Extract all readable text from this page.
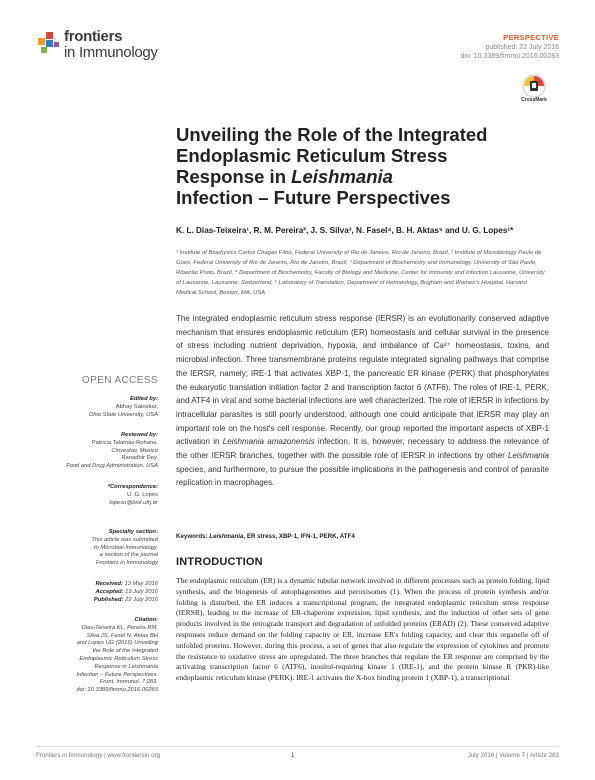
frontiers
in Immunology
PERSPECTIVE
published: 22 July 2016
doi: 10.3389/fimmu.2016.00283
CrossMark
Unveiling the Role of the Integrated
Endoplasmic Reticulum Stress
Response in Leishmania
Infection – Future Perspectives
K. L. Dias-Teixeira¹, R. M. Pereira², J. S. Silva³, N. Fasel⁴, B. H. Aktas⁵ and U. G. Lopes¹*
¹ Institute of Biophysics Carlos Chagas Filho, Federal University of Rio de Janeiro, Rio de Janeiro, Brazil, ² Institute of Microbiology Paulo de Goes, Federal University of Rio de Janeiro, Rio de Janeiro, Brazil, ³ Department of Biochemistry and Immunology, University of São Paulo, Ribeirão Preto, Brazil, ⁴ Department of Biochemistry, Faculty of Biology and Medicine, Center for Immunity and Infection Lausanne, University of Lausanne, Lausanne, Switzerland, ⁵ Laboratory of Translation, Department of Hematology, Brigham and Women's Hospital, Harvard Medical School, Boston, MA, USA
The integrated endoplasmic reticulum stress response (IERSR) is an evolutionarily conserved adaptive mechanism that ensures endoplasmic reticulum (ER) homeostasis and cellular survival in the presence of stress including nutrient deprivation, hypoxia, and imbalance of Ca²⁺ homeostasis, toxins, and microbial infection. Three transmembrane proteins regulate integrated signaling pathways that comprise the IERSR, namely; IRE-1 that activates XBP-1, the pancreatic ER kinase (PERK) that phosphorylates the eukaryotic translation initiation factor 2 and transcription factor 6 (ATF6). The roles of IRE-1, PERK, and ATF4 in viral and some bacterial infections are well characterized. The role of IERSR in infections by intracellular parasites is still poorly understood, although one could anticipate that IERSR may play an important role on the host's cell response. Recently, our group reported the important aspects of XBP-1 activation in Leishmania amazonensis infection. It is, however, necessary to address the relevance of the other IERSR branches, together with the possible role of IERSR in infections by other Leishmania species, and furthermore, to pursue the possible implications in the pathogenesis and control of parasite replication in macrophages.
Keywords: Leishmania, ER stress, XBP-1, IFN-1, PERK, ATF4
INTRODUCTION
The endoplasmic reticulum (ER) is a dynamic tubular network involved in different processes such as protein folding, lipid synthesis, and the biogenesis of autophagosomes and peroxisomes (1). When the process of protein synthesis and/or folding is disturbed, the ER induces a transcriptional program, the integrated endoplasmic reticulum stress response (IERSR), leading to the increase of ER-chaperone expression, lipid synthesis, and the induction of other sets of gene products involved in the retrograde transport and degradation of unfolded proteins (ERAD) (2). These conserved adaptive responses reduce demand on the folding capacity or ER, increase ER's folding capacity, and clear this organelle off of unfolded proteins. However, during this process, a set of genes that also regulate the expression of cytokines and promote the resistance to oxidative stress are upregulated. The three branches that regulate the ER response are comprised by the activating transcription factor 6 (ATF6), inositol-requiring kinase 1 (IRE-1), and the protein kinase R (PKR)-like endoplasmic reticulum kinase (PERK). IRE-1 activates the X-box binding protein 1 (XBP-1), a transcriptional
OPEN ACCESS
Edited by:
Abhay Satoskar,
Ohio State University, USA
Reviewed by:
Patricia Talamás-Rohana,
Cinvestav, Mexico
Ranadhir Dey,
Food and Drug Administration, USA
*Correspondence:
U. G. Lopes
lopesu@biof.ufrj.br
Specialty section:
This article was submitted
to Microbial Immunology,
a section of the journal
Frontiers in Immunology
Received: 13 May 2016
Accepted: 13 July 2016
Published: 22 July 2016
Citation:
Dias-Teixeira KL, Pereira RM,
Silva JS, Fasel N, Aktas BH
and Lopes UG (2016) Unveiling
the Role of the Integrated
Endoplasmic Reticulum Stress
Response in Leishmania
Infection – Future Perspectives.
Front. Immunol. 7:283.
doi: 10.3389/fimmu.2016.00283
Frontiers in Immunology | www.frontiersin.org	1	July 2016 | Volume 7 | Article 283
